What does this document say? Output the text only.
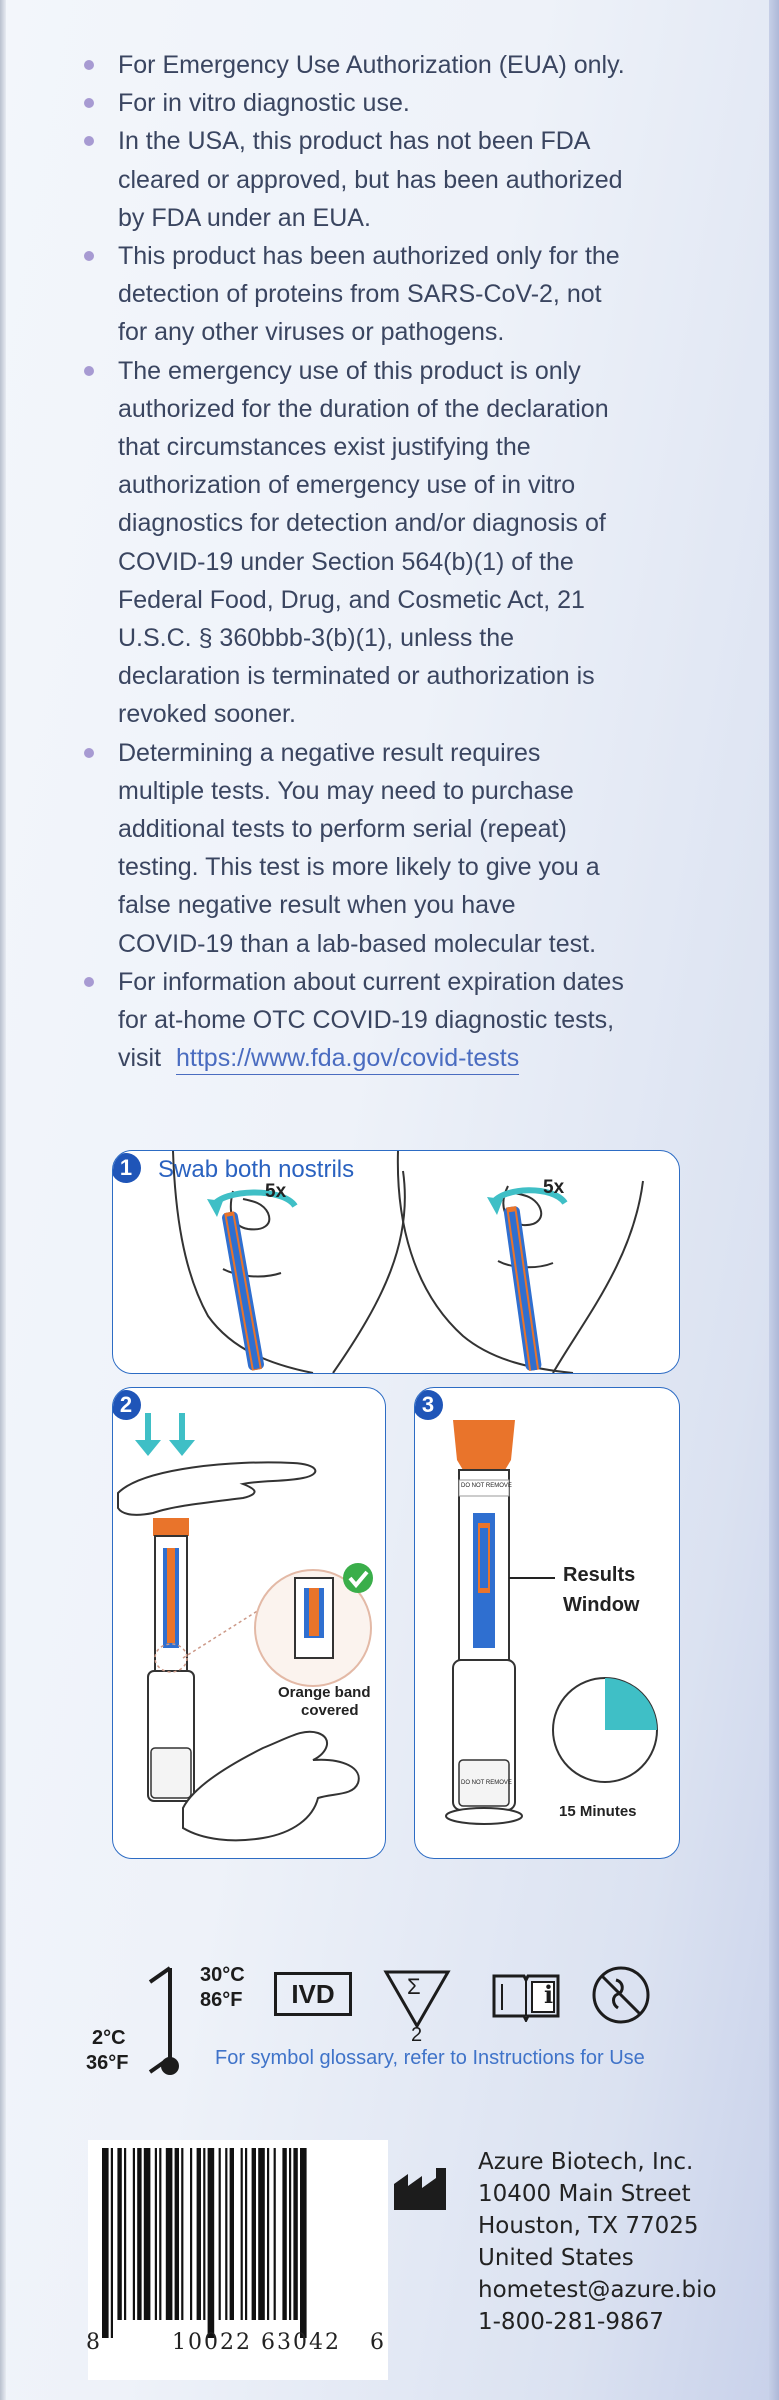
For Emergency Use Authorization (EUA) only.
For in vitro diagnostic use.
In the USA, this product has not been FDA
cleared or approved, but has been authorized
by FDA under an EUA.
This product has been authorized only for the
detection of proteins from SARS-CoV-2, not
for any other viruses or pathogens.
The emergency use of this product is only
authorized for the duration of the declaration
that circumstances exist justifying the
authorization of emergency use of in vitro
diagnostics for detection and/or diagnosis of
COVID-19 under Section 564(b)(1) of the
Federal Food, Drug, and Cosmetic Act, 21
U.S.C. § 360bbb-3(b)(1), unless the
declaration is terminated or authorization is
revoked sooner.
Determining a negative result requires
multiple tests. You may need to purchase
additional tests to perform serial (repeat)
testing. This test is more likely to give you a
false negative result when you have
COVID-19 than a lab-based molecular test.
For information about current expiration dates
for at-home OTC COVID-19 diagnostic tests,
visit https://www.fda.gov/covid-tests
1	Swab both nostrils
5x	5x
2
Orange band
covered
3
DO NOT REMOVE
DO NOT REMOVE
Results
Window
15 Minutes
30°C
86°F
2°C
36°F
IVD	Σ
2
i
For symbol glossary, refer to Instructions for Use
8	10022 63042 6
Azure Biotech, Inc.
10400 Main Street
Houston, TX 77025
United States
hometest@azure.bio
1-800-281-9867
